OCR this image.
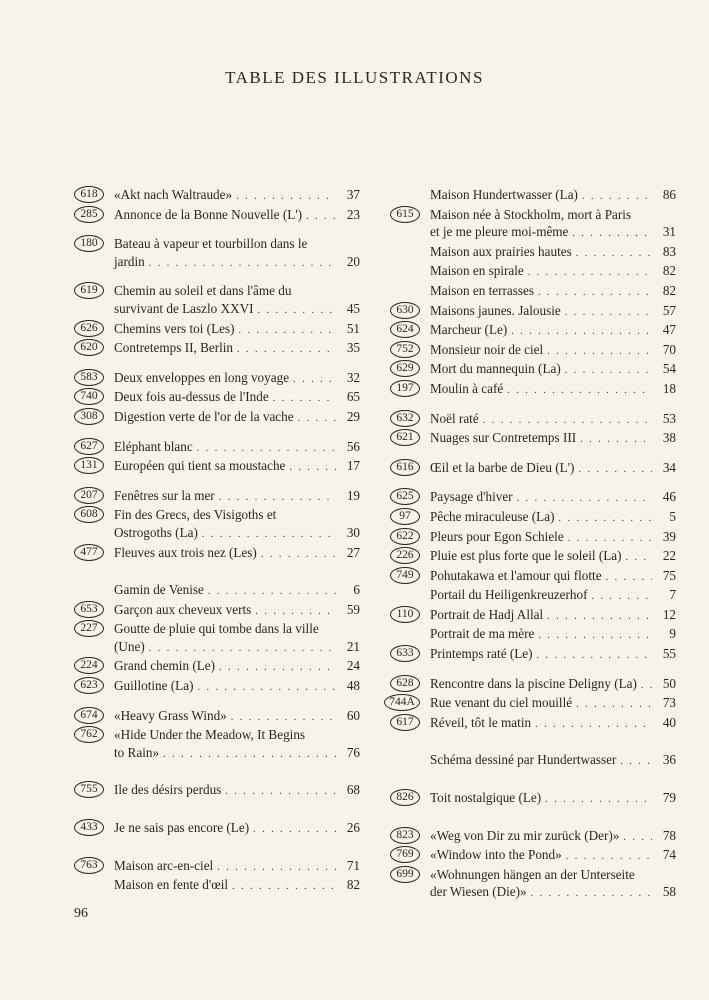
TABLE DES ILLUSTRATIONS
618	«Akt nach Waltraude» . . .	37
285	Annonce de la Bonne Nouvelle (L') . . .	23
180	Bateau à vapeur et tourbillon dans le
jardin . . .	20
619	Chemin au soleil et dans l'âme du
survivant de Laszlo XXVI . . .	45
626	Chemins vers toi (Les) . . .	51
620	Contretemps II, Berlin . . .	35
583	Deux enveloppes en long voyage . . .	32
740	Deux fois au-dessus de l'Inde . . .	65
308	Digestion verte de l'or de la vache . . .	29
627	Eléphant blanc . . .	56
131	Européen qui tient sa moustache . . .	17
207	Fenêtres sur la mer . . .	19
608	Fin des Grecs, des Visigoths et
Ostrogoths (La) . . .	30
477	Fleuves aux trois nez (Les) . . .	27
Gamin de Venise . . .	6
653	Garçon aux cheveux verts . . .	59
227	Goutte de pluie qui tombe dans la ville
(Une) . . .	21
224	Grand chemin (Le) . . .	24
623	Guillotine (La) . . .	48
674	«Heavy Grass Wind» . . .	60
762	«Hide Under the Meadow, It Begins
to Rain» . . .	76
755	Ile des désirs perdus . . .	68
433	Je ne sais pas encore (Le) . . .	26
763	Maison arc-en-ciel . . .	71
Maison en fente d'œil . . .	82
Maison Hundertwasser (La) . . .	86
615	Maison née à Stockholm, mort à Paris
et je me pleure moi-même . . .	31
Maison aux prairies hautes . . .	83
Maison en spirale . . .	82
Maison en terrasses . . .	82
630	Maisons jaunes. Jalousie . . .	57
624	Marcheur (Le) . . .	47
752	Monsieur noir de ciel . . .	70
629	Mort du mannequin (La) . . .	54
197	Moulin à café . . .	18
632	Noël raté . . .	53
621	Nuages sur Contretemps III . . .	38
616	Œil et la barbe de Dieu (L') . . .	34
625	Paysage d'hiver . . .	46
97	Pêche miraculeuse (La) . . .	5
622	Pleurs pour Egon Schiele . . .	39
226	Pluie est plus forte que le soleil (La) . . .	22
749	Pohutakawa et l'amour qui flotte . . .	75
Portail du Heiligenkreuzerhof . . .	7
110	Portrait de Hadj Allal . . .	12
Portrait de ma mère . . .	9
633	Printemps raté (Le) . . .	55
628	Rencontre dans la piscine Deligny (La) . . .	50
744A	Rue venant du ciel mouillé . . .	73
617	Réveil, tôt le matin . . .	40
Schéma dessiné par Hundertwasser . . .	36
826	Toit nostalgique (Le) . . .	79
823	«Weg von Dir zu mir zurück (Der)» . . .	78
769	«Window into the Pond» . . .	74
699	«Wohnungen hängen an der Unterseite
der Wiesen (Die)» . . .	58
96
